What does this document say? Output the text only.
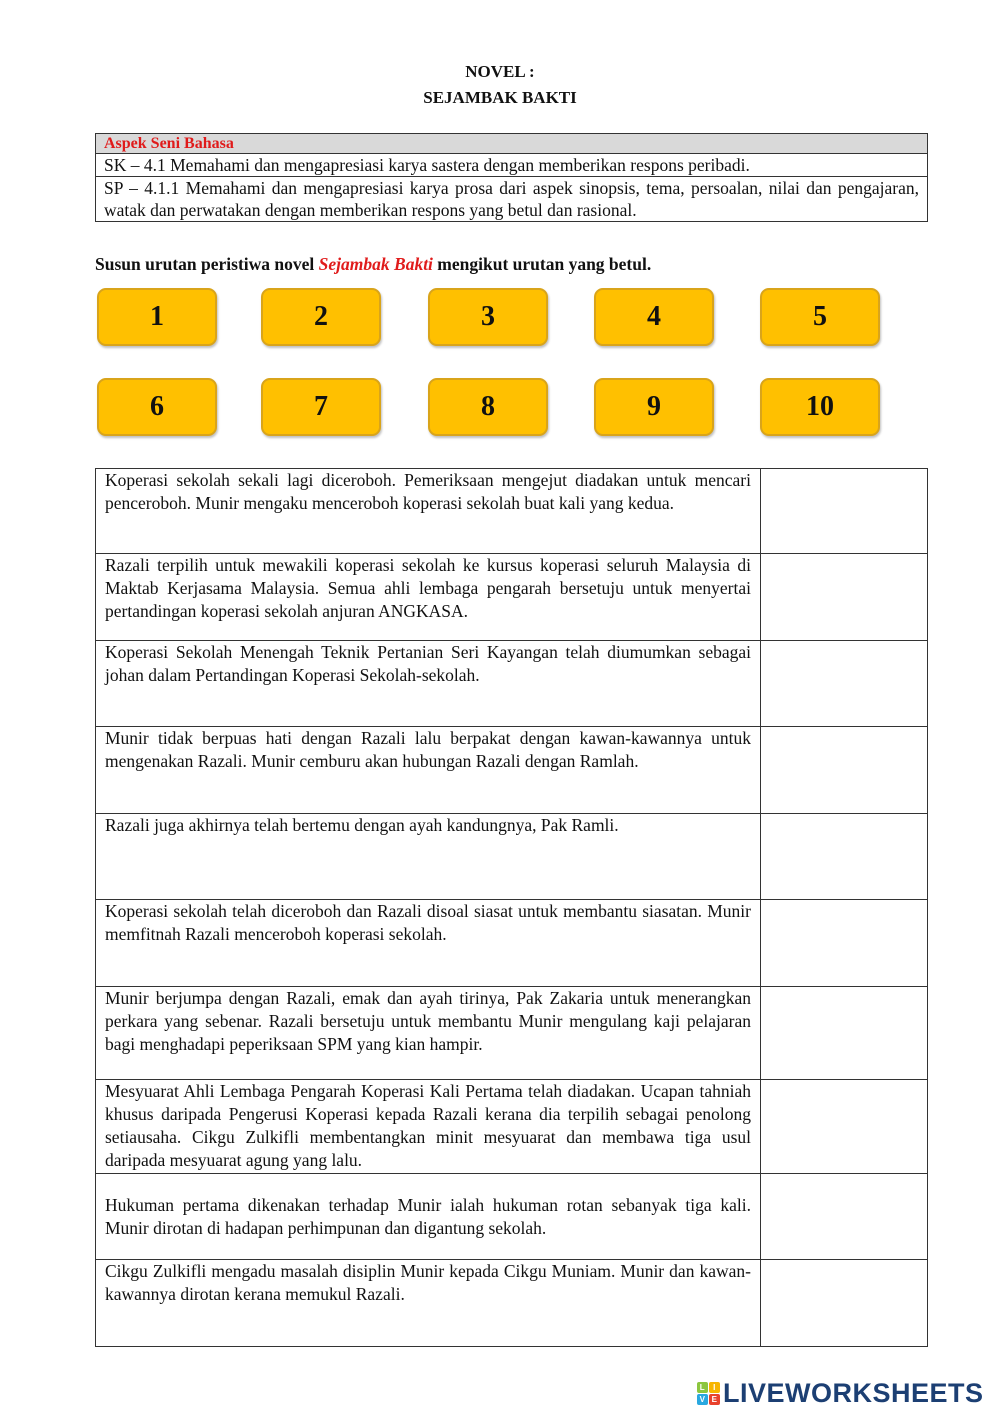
NOVEL :
SEJAMBAK BAKTI
Aspek Seni Bahasa
SK – 4.1 Memahami dan mengapresiasi karya sastera dengan memberikan respons peribadi.
SP – 4.1.1 Memahami dan mengapresiasi karya prosa dari aspek sinopsis, tema, persoalan, nilai dan pengajaran, watak dan perwatakan dengan memberikan respons yang betul dan rasional.
Susun urutan peristiwa novel Sejambak Bakti mengikut urutan yang betul.
1	2	3	4	5
6	7	8	9	10
Koperasi sekolah sekali lagi diceroboh. Pemeriksaan mengejut diadakan untuk mencari penceroboh. Munir mengaku menceroboh koperasi sekolah buat kali yang kedua.	
Razali terpilih untuk mewakili koperasi sekolah ke kursus koperasi seluruh Malaysia di Maktab Kerjasama Malaysia. Semua ahli lembaga pengarah bersetuju untuk menyertai pertandingan koperasi sekolah anjuran ANGKASA.	
Koperasi Sekolah Menengah Teknik Pertanian Seri Kayangan telah diumumkan sebagai johan dalam Pertandingan Koperasi Sekolah-sekolah.	
Munir tidak berpuas hati dengan Razali lalu berpakat dengan kawan-kawannya untuk mengenakan Razali. Munir cemburu akan hubungan Razali dengan Ramlah.	
Razali juga akhirnya telah bertemu dengan ayah kandungnya, Pak Ramli.	
Koperasi sekolah telah diceroboh dan Razali disoal siasat untuk membantu siasatan. Munir memfitnah Razali menceroboh koperasi sekolah.	
Munir berjumpa dengan Razali, emak dan ayah tirinya, Pak Zakaria untuk menerangkan perkara yang sebenar. Razali bersetuju untuk membantu Munir mengulang kaji pelajaran bagi menghadapi peperiksaan SPM yang kian hampir.	
Mesyuarat Ahli Lembaga Pengarah Koperasi Kali Pertama telah diadakan. Ucapan tahniah khusus daripada Pengerusi Koperasi kepada Razali kerana dia terpilih sebagai penolong setiausaha. Cikgu Zulkifli membentangkan minit mesyuarat dan membawa tiga usul daripada mesyuarat agung yang lalu.	
Hukuman pertama dikenakan terhadap Munir ialah hukuman rotan sebanyak tiga kali. Munir dirotan di hadapan perhimpunan dan digantung sekolah.	
Cikgu Zulkifli mengadu masalah disiplin Munir kepada Cikgu Muniam. Munir dan kawan-kawannya dirotan kerana memukul Razali.	
L I
V E LIVEWORKSHEETS
